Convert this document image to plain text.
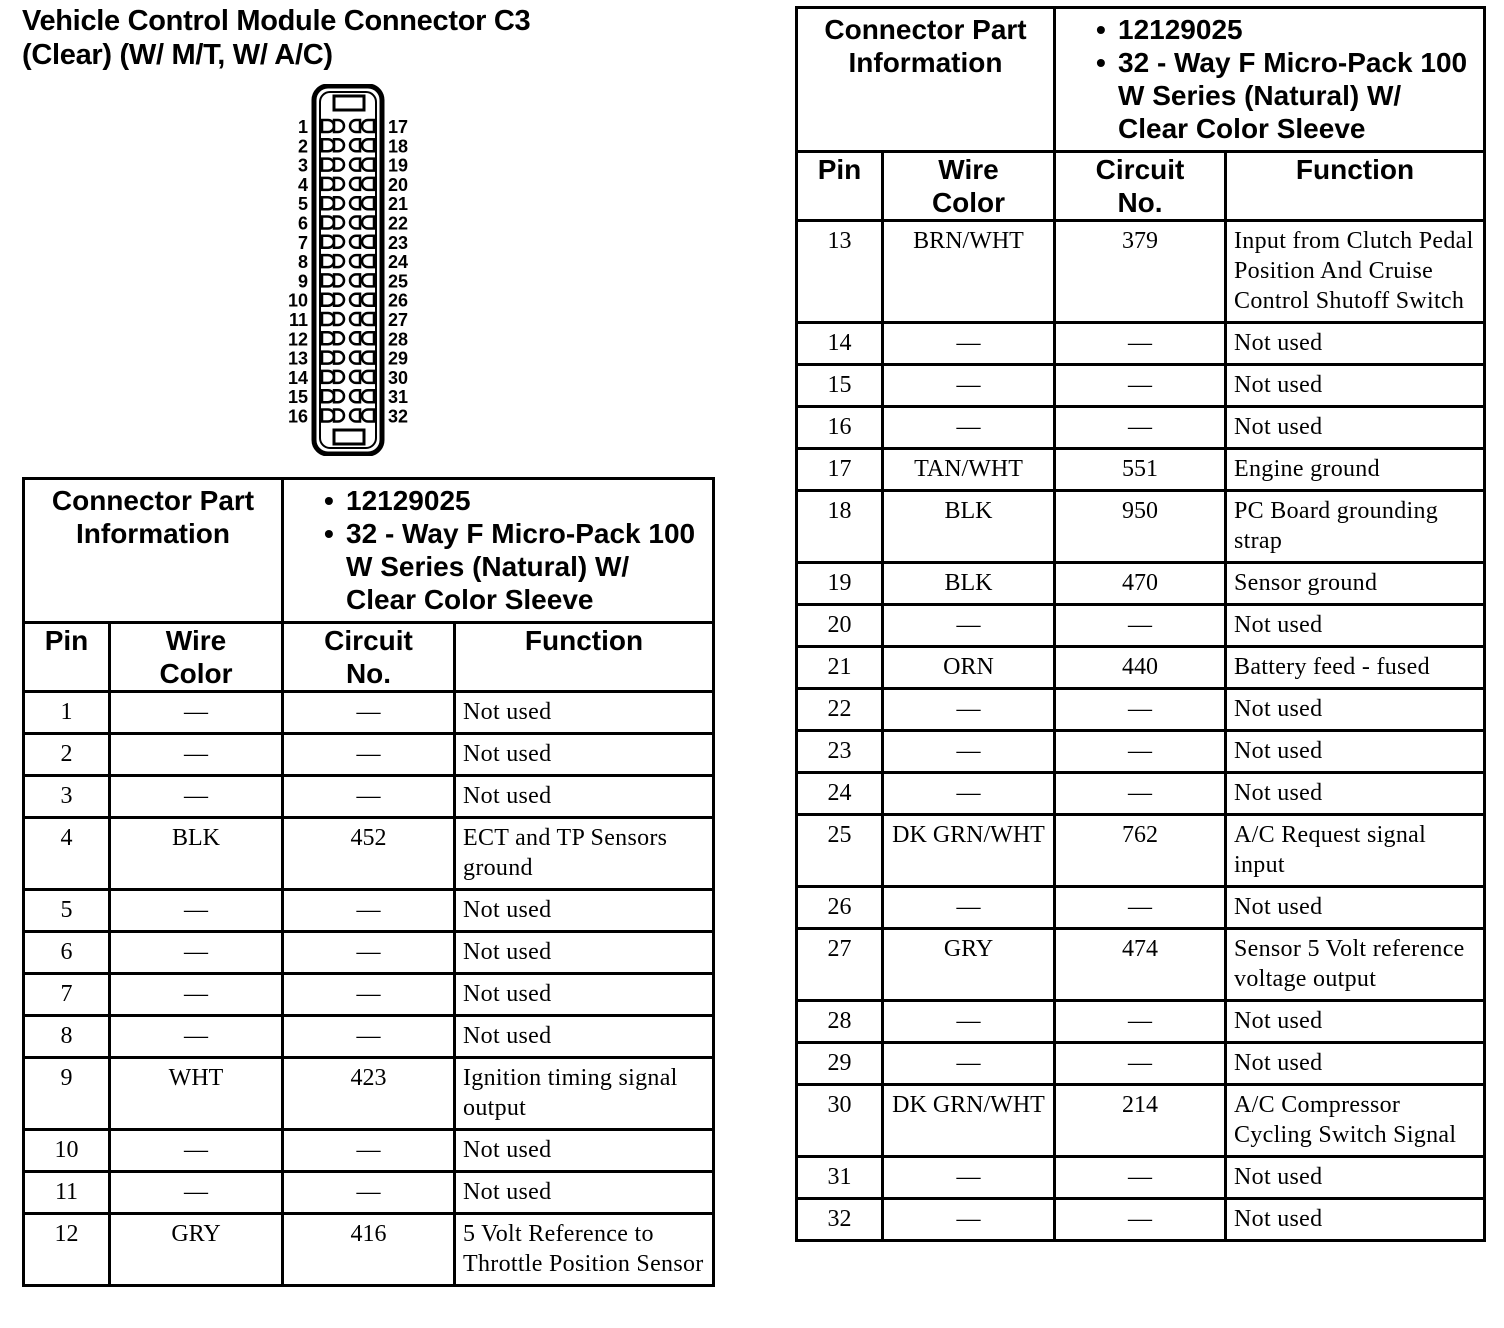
Vehicle Control Module Connector C3
(Clear) (W/ M/T, W/ A/C)
1	17
2	18
3	19
4	20
5	21
6	22
7	23
8	24
9	25
10	26
11	27
12	28
13	29
14	30
15	31
16	32
Connector Part Information		• 12129025
• 32 - Way F Micro-Pack 100 W Series (Natural) W/ Clear Color Sleeve

Pin	Wire Color	Circuit No.	Function
1	—	—	Not used
2	—	—	Not used
3	—	—	Not used
4	BLK	452	ECT and TP Sensors ground
5	—	—	Not used
6	—	—	Not used
7	—	—	Not used
8	—	—	Not used
9	WHT	423	Ignition timing signal output
10	—	—	Not used
11	—	—	Not used
12	GRY	416	5 Volt Reference to Throttle Position Sensor
Connector Part Information		• 12129025
• 32 - Way F Micro-Pack 100 W Series (Natural) W/ Clear Color Sleeve

Pin	Wire Color	Circuit No.	Function
13	BRN/WHT	379	Input from Clutch Pedal Position And Cruise Control Shutoff Switch
14	—	—	Not used
15	—	—	Not used
16	—	—	Not used
17	TAN/WHT	551	Engine ground
18	BLK	950	PC Board grounding strap
19	BLK	470	Sensor ground
20	—	—	Not used
21	ORN	440	Battery feed - fused
22	—	—	Not used
23	—	—	Not used
24	—	—	Not used
25	DK GRN/WHT	762	A/C Request signal input
26	—	—	Not used
27	GRY	474	Sensor 5 Volt reference voltage output
28	—	—	Not used
29	—	—	Not used
30	DK GRN/WHT	214	A/C Compressor Cycling Switch Signal
31	—	—	Not used
32	—	—	Not used
